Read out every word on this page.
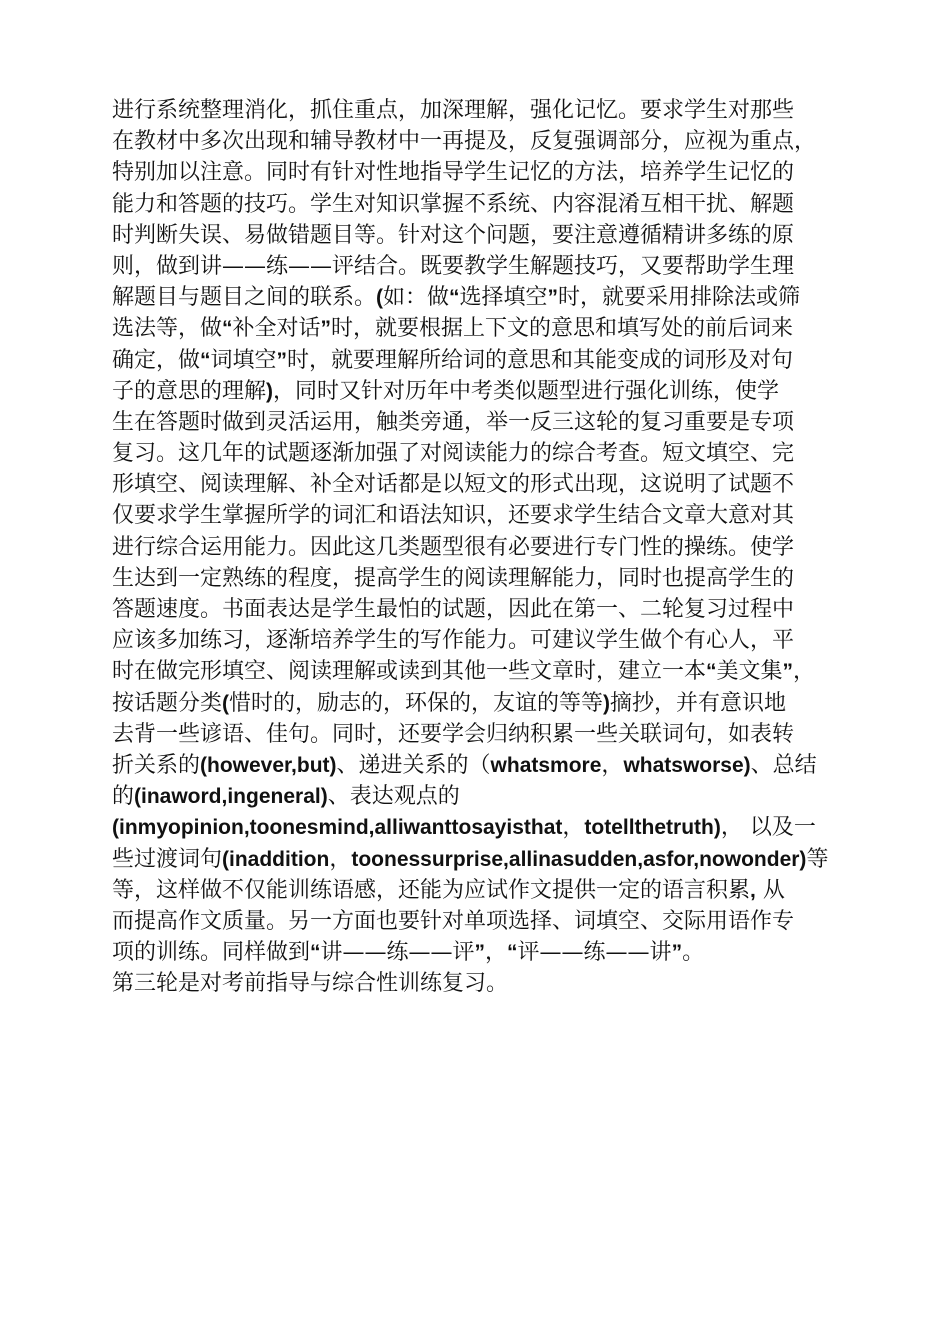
进行系统整理消化，抓住重点，加深理解，强化记忆。要求学生对那些
在教材中多次出现和辅导教材中一再提及，反复强调部分，应视为重点，
特别加以注意。同时有针对性地指导学生记忆的方法，培养学生记忆的
能力和答题的技巧。学生对知识掌握不系统、内容混淆互相干扰、解题
时判断失误、易做错题目等。针对这个问题，要注意遵循精讲多练的原
则，做到讲——练——评结合。既要教学生解题技巧，又要帮助学生理
解题目与题目之间的联系。(如：做“选择填空”时，就要采用排除法或筛
选法等，做“补全对话”时，就要根据上下文的意思和填写处的前后词来
确定，做“词填空”时，就要理解所给词的意思和其能变成的词形及对句
子的意思的理解)，同时又针对历年中考类似题型进行强化训练，使学
生在答题时做到灵活运用，触类旁通，举一反三这轮的复习重要是专项
复习。这几年的试题逐渐加强了对阅读能力的综合考查。短文填空、完
形填空、阅读理解、补全对话都是以短文的形式出现，这说明了试题不
仅要求学生掌握所学的词汇和语法知识，还要求学生结合文章大意对其
进行综合运用能力。因此这几类题型很有必要进行专门性的操练。使学
生达到一定熟练的程度，提高学生的阅读理解能力，同时也提高学生的
答题速度。书面表达是学生最怕的试题，因此在第一、二轮复习过程中
应该多加练习，逐渐培养学生的写作能力。可建议学生做个有心人，平
时在做完形填空、阅读理解或读到其他一些文章时，建立一本“美文集”，
按话题分类(惜时的，励志的，环保的，友谊的等等)摘抄，并有意识地
去背一些谚语、佳句。同时，还要学会归纳积累一些关联词句，如表转
折关系的(however,but)、递进关系的（whatsmore，whatsworse)、总结
的(inaword,ingeneral)、表达观点的
(inmyopinion,toonesmind,alliwanttosayisthat，totellthetruth)， 以及一
些过渡词句(inaddition，toonessurprise,allinasudden,asfor,nowonder)等
等，这样做不仅能训练语感，还能为应试作文提供一定的语言积累, 从
而提高作文质量。另一方面也要针对单项选择、词填空、交际用语作专
项的训练。同样做到“讲——练——评”，“评——练——讲”。
第三轮是对考前指导与综合性训练复习。
